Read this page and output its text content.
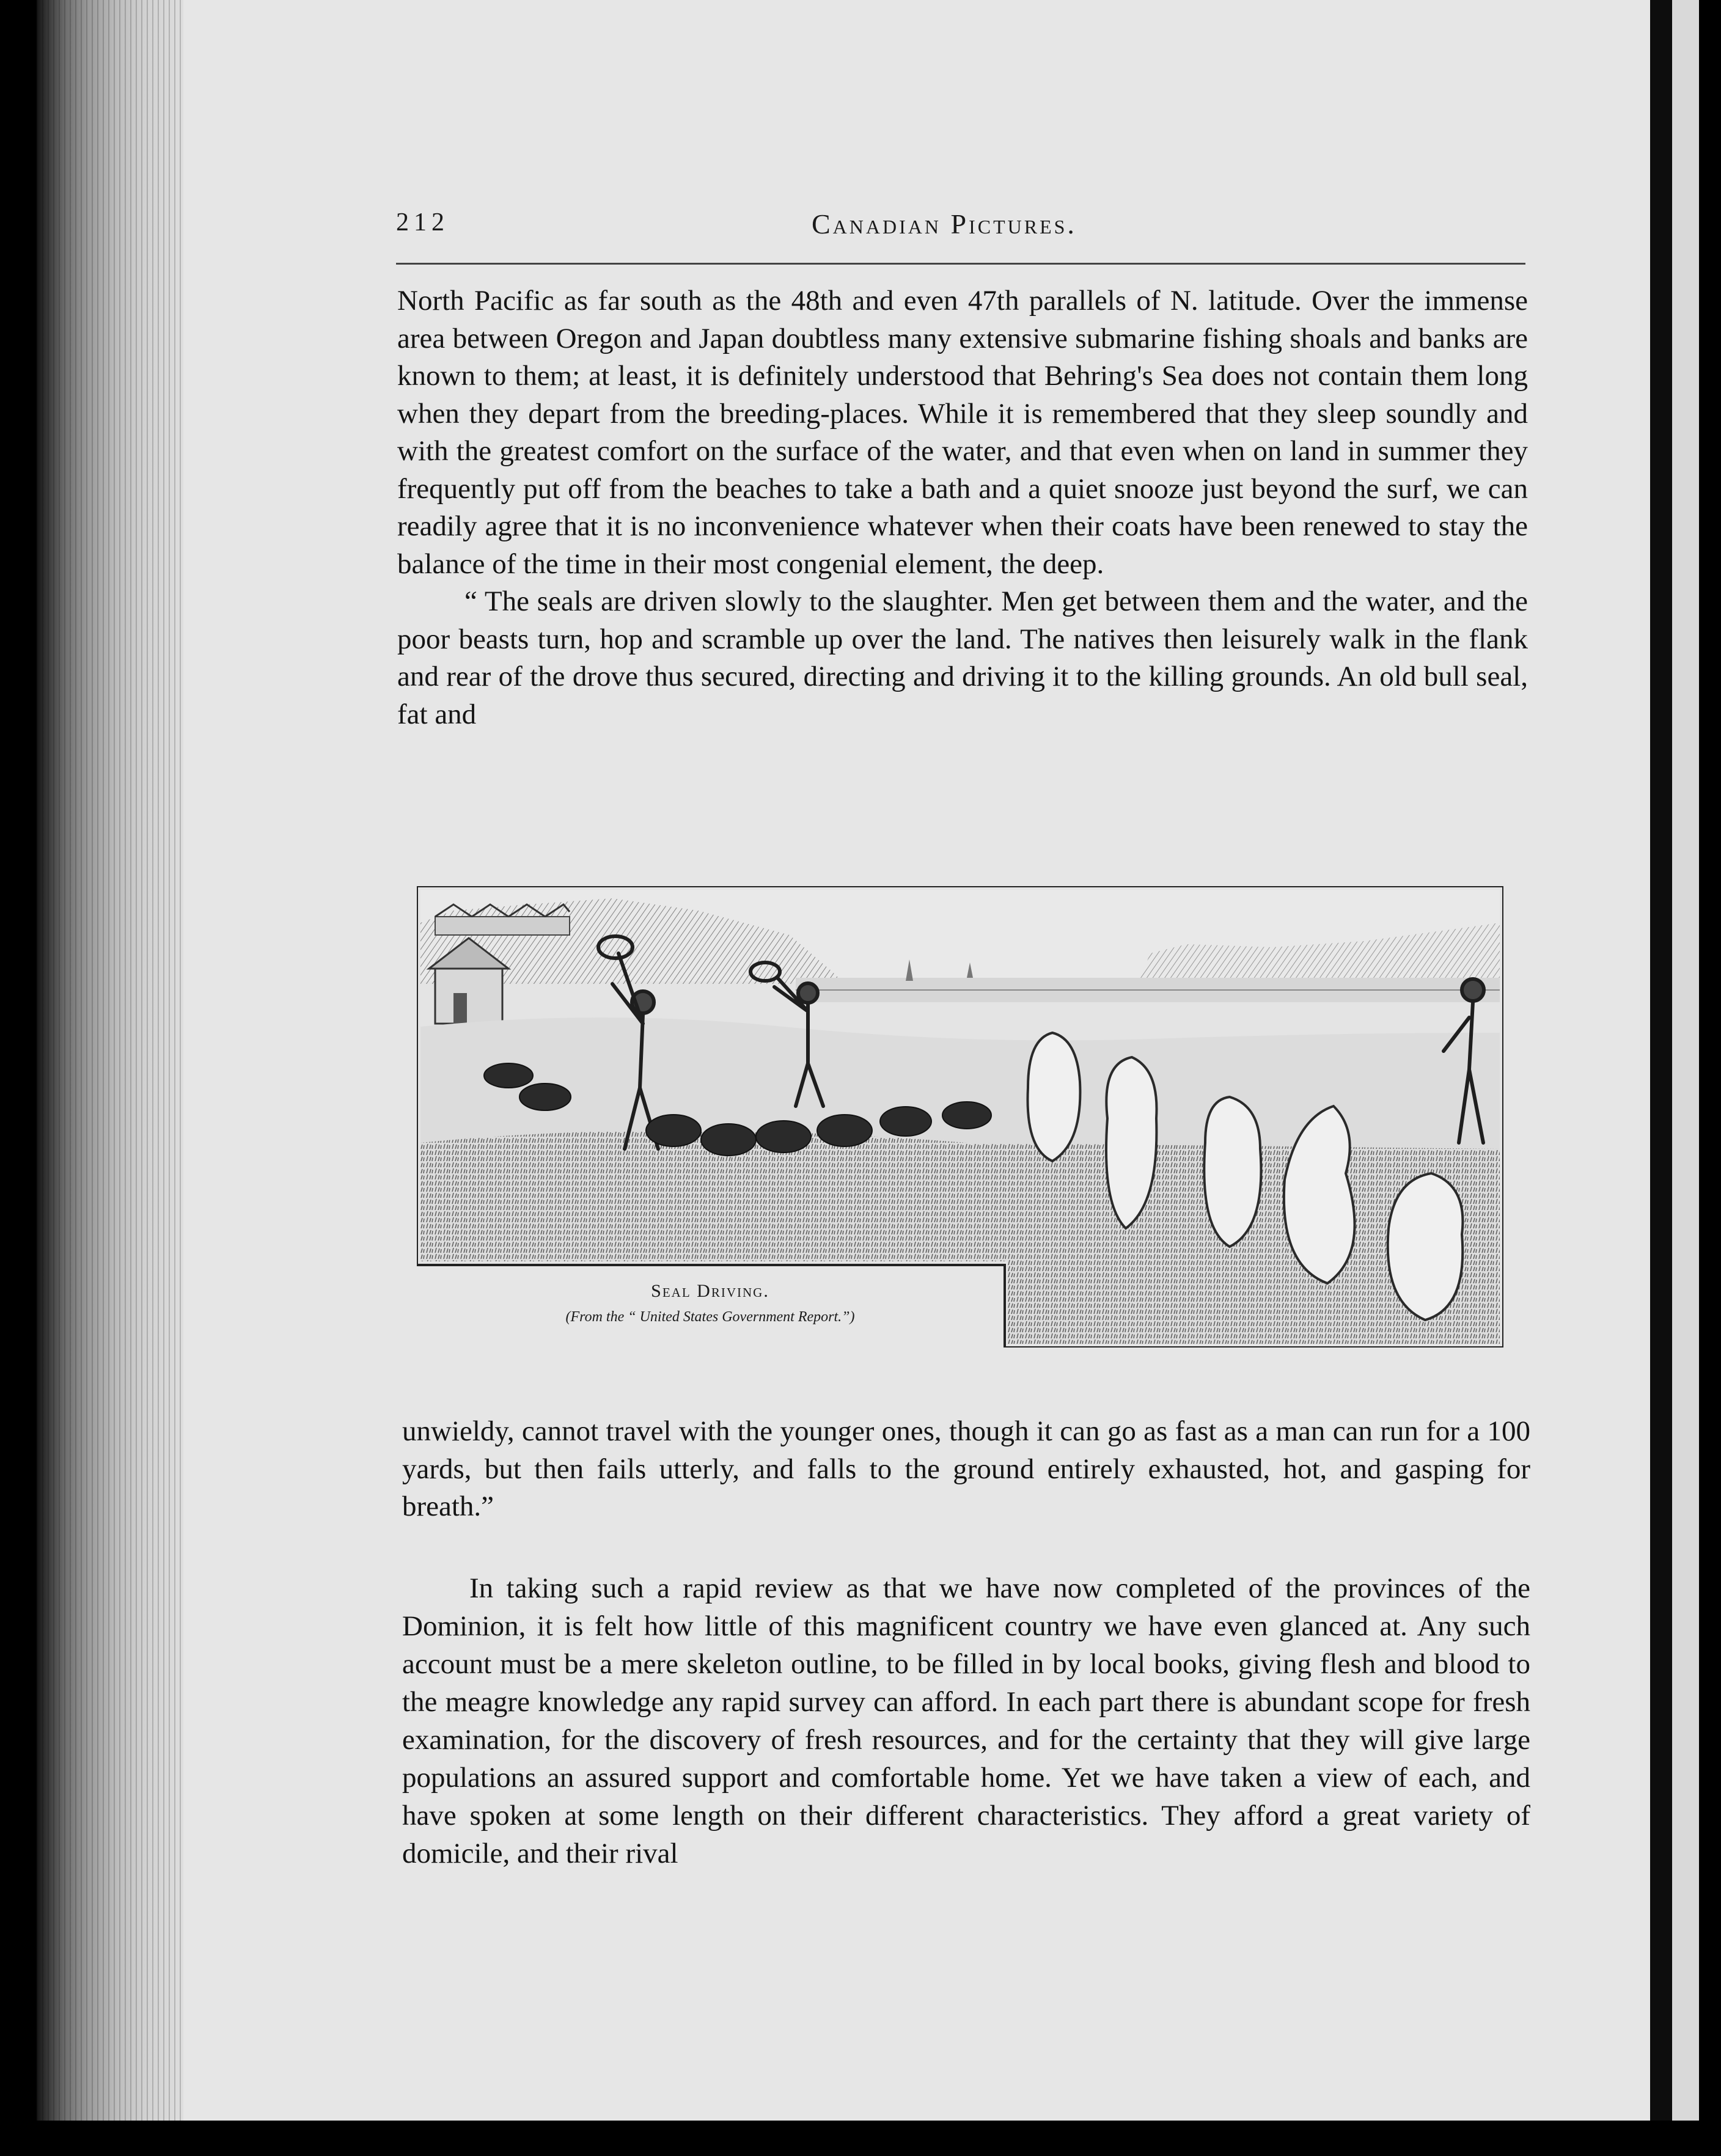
212	Canadian Pictures.

North Pacific as far south as the 48th and even 47th parallels of N. latitude. Over the immense area between Oregon and Japan doubtless many extensive submarine fishing shoals and banks are known to them; at least, it is definitely understood that Behring's Sea does not contain them long when they depart from the breeding-places. While it is remembered that they sleep soundly and with the greatest comfort on the surface of the water, and that even when on land in summer they frequently put off from the beaches to take a bath and a quiet snooze just beyond the surf, we can readily agree that it is no inconvenience whatever when their coats have been renewed to stay the balance of the time in their most congenial element, the deep.

“ The seals are driven slowly to the slaughter. Men get between them and the water, and the poor beasts turn, hop and scramble up over the land. The natives then leisurely walk in the flank and rear of the drove thus secured, directing and driving it to the killing grounds. An old bull seal, fat and

Seal Driving.
(From the “ United States Government Report.”)

unwieldy, cannot travel with the younger ones, though it can go as fast as a man can run for a 100 yards, but then fails utterly, and falls to the ground entirely exhausted, hot, and gasping for breath.”

In taking such a rapid review as that we have now completed of the provinces of the Dominion, it is felt how little of this magnificent country we have even glanced at. Any such account must be a mere skeleton outline, to be filled in by local books, giving flesh and blood to the meagre knowledge any rapid survey can afford. In each part there is abundant scope for fresh examination, for the discovery of fresh resources, and for the certainty that they will give large populations an assured support and comfortable home. Yet we have taken a view of each, and have spoken at some length on their different characteristics. They afford a great variety of domicile, and their rival
